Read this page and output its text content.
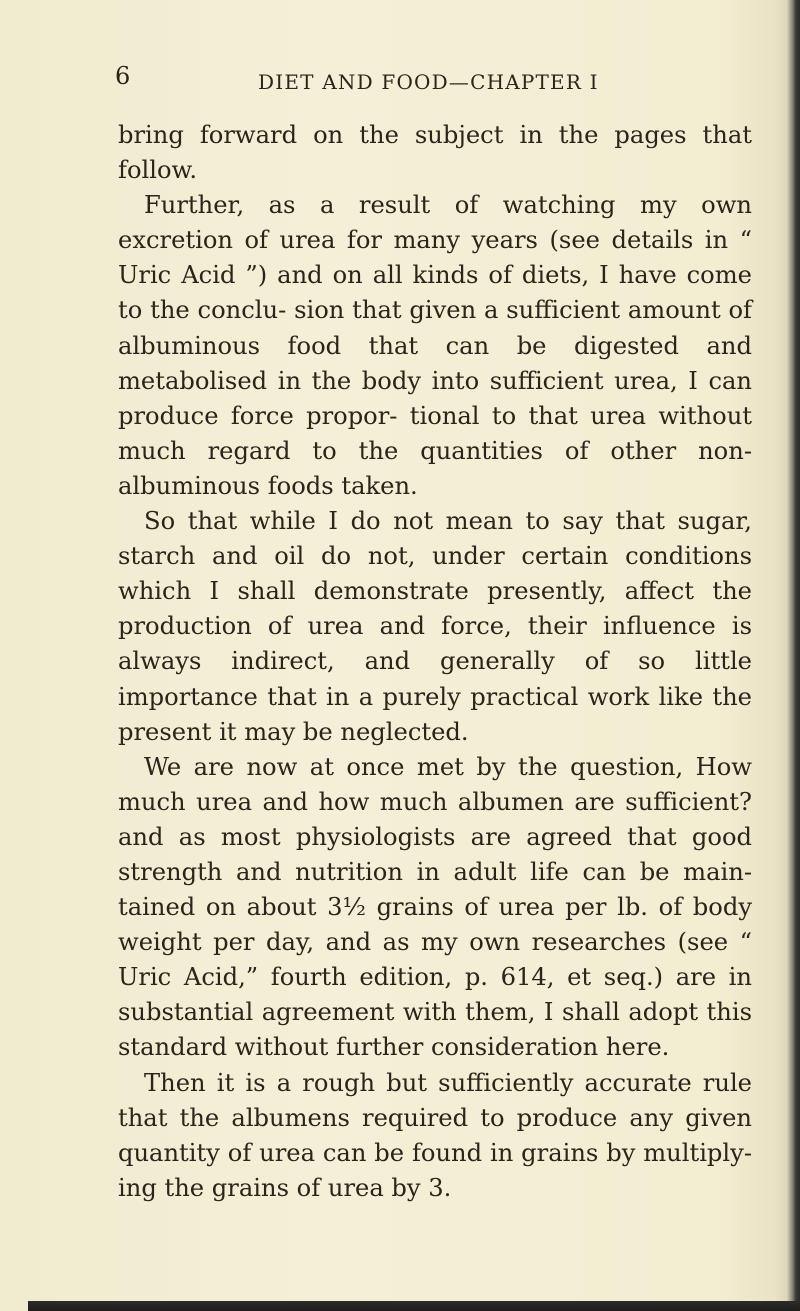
6	DIET AND FOOD—CHAPTER I

bring forward on the subject in the pages that follow.

Further, as a result of watching my own excretion of urea for many years (see details in “ Uric Acid ”) and on all kinds of diets, I have come to the conclu- sion that given a sufficient amount of albuminous food that can be digested and metabolised in the body into sufficient urea, I can produce force propor- tional to that urea without much regard to the quantities of other non-albuminous foods taken.

So that while I do not mean to say that sugar, starch and oil do not, under certain conditions which I shall demonstrate presently, affect the production of urea and force, their influence is always indirect, and generally of so little importance that in a purely practical work like the present it may be neglected.

We are now at once met by the question, How much urea and how much albumen are sufficient? and as most physiologists are agreed that good strength and nutrition in adult life can be main- tained on about 3½ grains of urea per lb. of body weight per day, and as my own researches (see “ Uric Acid,” fourth edition, p. 614, et seq.) are in substantial agreement with them, I shall adopt this standard without further consideration here.

Then it is a rough but sufficiently accurate rule that the albumens required to produce any given quantity of urea can be found in grains by multiply- ing the grains of urea by 3.
